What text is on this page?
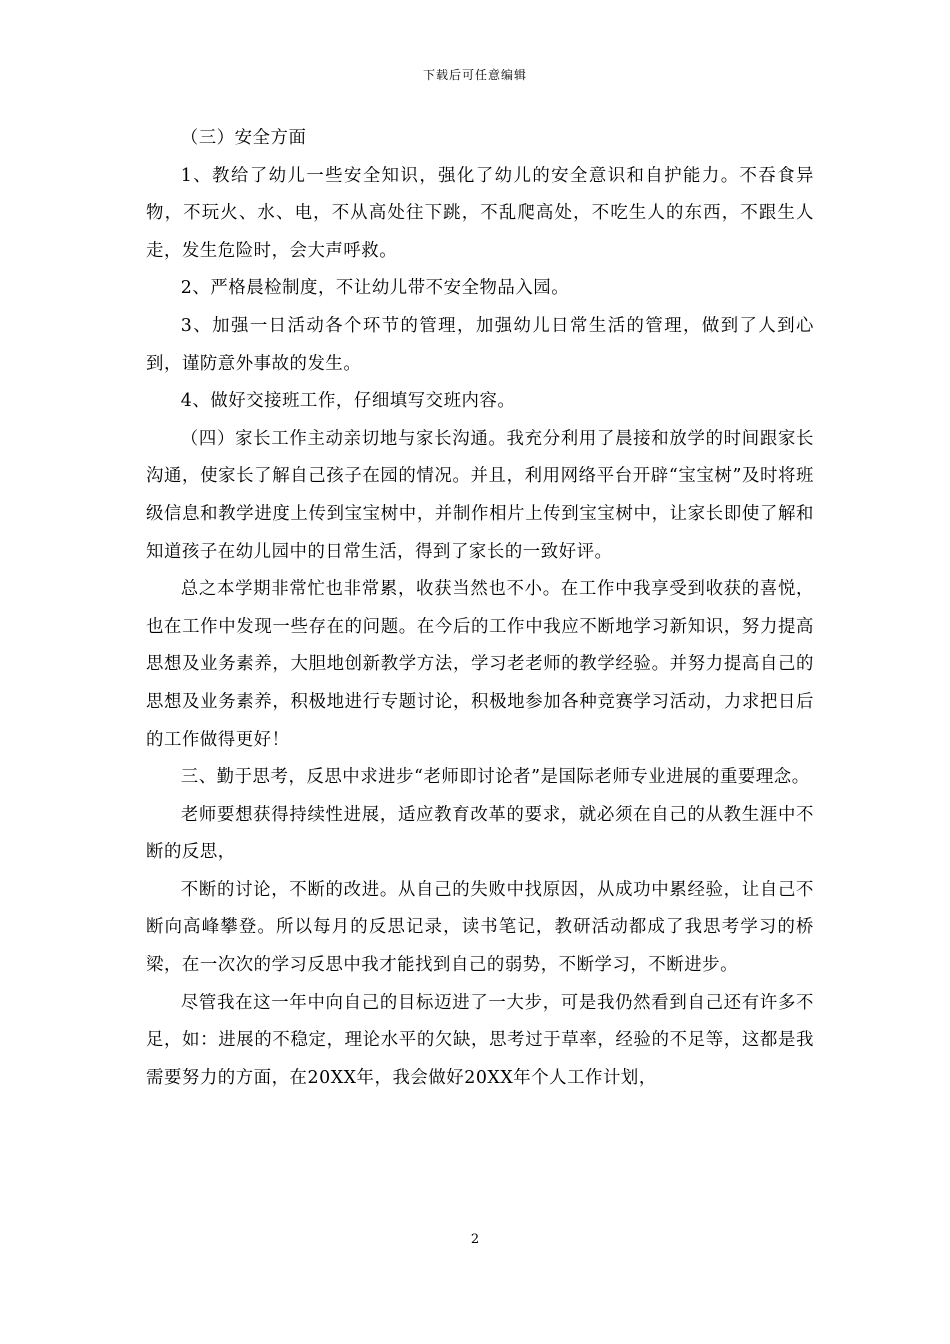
下载后可任意编辑

（三）安全方面

1、教给了幼儿一些安全知识，强化了幼儿的安全意识和自护能力。不吞食异物，不玩火、水、电，不从高处往下跳，不乱爬高处，不吃生人的东西，不跟生人走，发生危险时，会大声呼救。

2、严格晨检制度，不让幼儿带不安全物品入园。

3、加强一日活动各个环节的管理，加强幼儿日常生活的管理，做到了人到心到，谨防意外事故的发生。

4、做好交接班工作，仔细填写交班内容。

（四）家长工作主动亲切地与家长沟通。我充分利用了晨接和放学的时间跟家长沟通，使家长了解自己孩子在园的情况。并且，利用网络平台开辟“宝宝树”及时将班级信息和教学进度上传到宝宝树中，并制作相片上传到宝宝树中，让家长即使了解和知道孩子在幼儿园中的日常生活，得到了家长的一致好评。

总之本学期非常忙也非常累，收获当然也不小。在工作中我享受到收获的喜悦，也在工作中发现一些存在的问题。在今后的工作中我应不断地学习新知识，努力提高思想及业务素养，大胆地创新教学方法，学习老老师的教学经验。并努力提高自己的思想及业务素养，积极地进行专题讨论，积极地参加各种竞赛学习活动，力求把日后的工作做得更好！

三、勤于思考，反思中求进步“老师即讨论者”是国际老师专业进展的重要理念。

老师要想获得持续性进展，适应教育改革的要求，就必须在自己的从教生涯中不断的反思，

不断的讨论，不断的改进。从自己的失败中找原因，从成功中累经验，让自己不断向高峰攀登。所以每月的反思记录，读书笔记，教研活动都成了我思考学习的桥梁，在一次次的学习反思中我才能找到自己的弱势，不断学习，不断进步。

尽管我在这一年中向自己的目标迈进了一大步，可是我仍然看到自己还有许多不足，如：进展的不稳定，理论水平的欠缺，思考过于草率，经验的不足等，这都是我需要努力的方面，在20XX年，我会做好20XX年个人工作计划，

2
